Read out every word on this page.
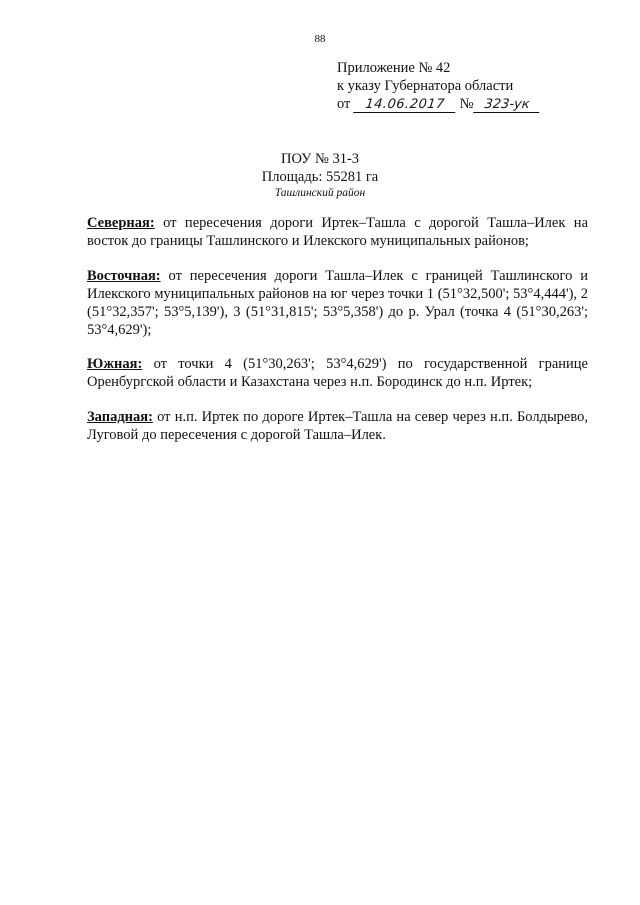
88
Приложение № 42
к указу Губернатора области
от 14.06.2017 № 323-ук
ПОУ № 31-3
Площадь: 55281 га
Ташлинский район
Северная: от пересечения дороги Иртек–Ташла с дорогой Ташла–Илек на восток до границы Ташлинского и Илекского муниципальных районов;
Восточная: от пересечения дороги Ташла–Илек с границей Ташлинского и Илекского муниципальных районов на юг через точки 1 (51°32,500'; 53°4,444'), 2 (51°32,357'; 53°5,139'), 3 (51°31,815'; 53°5,358') до р. Урал (точка 4 (51°30,263'; 53°4,629');
Южная: от точки 4 (51°30,263'; 53°4,629') по государственной границе Оренбургской области и Казахстана через н.п. Бородинск до н.п. Иртек;
Западная: от н.п. Иртек по дороге Иртек–Ташла на север через н.п. Болдырево, Луговой до пересечения с дорогой Ташла–Илек.
